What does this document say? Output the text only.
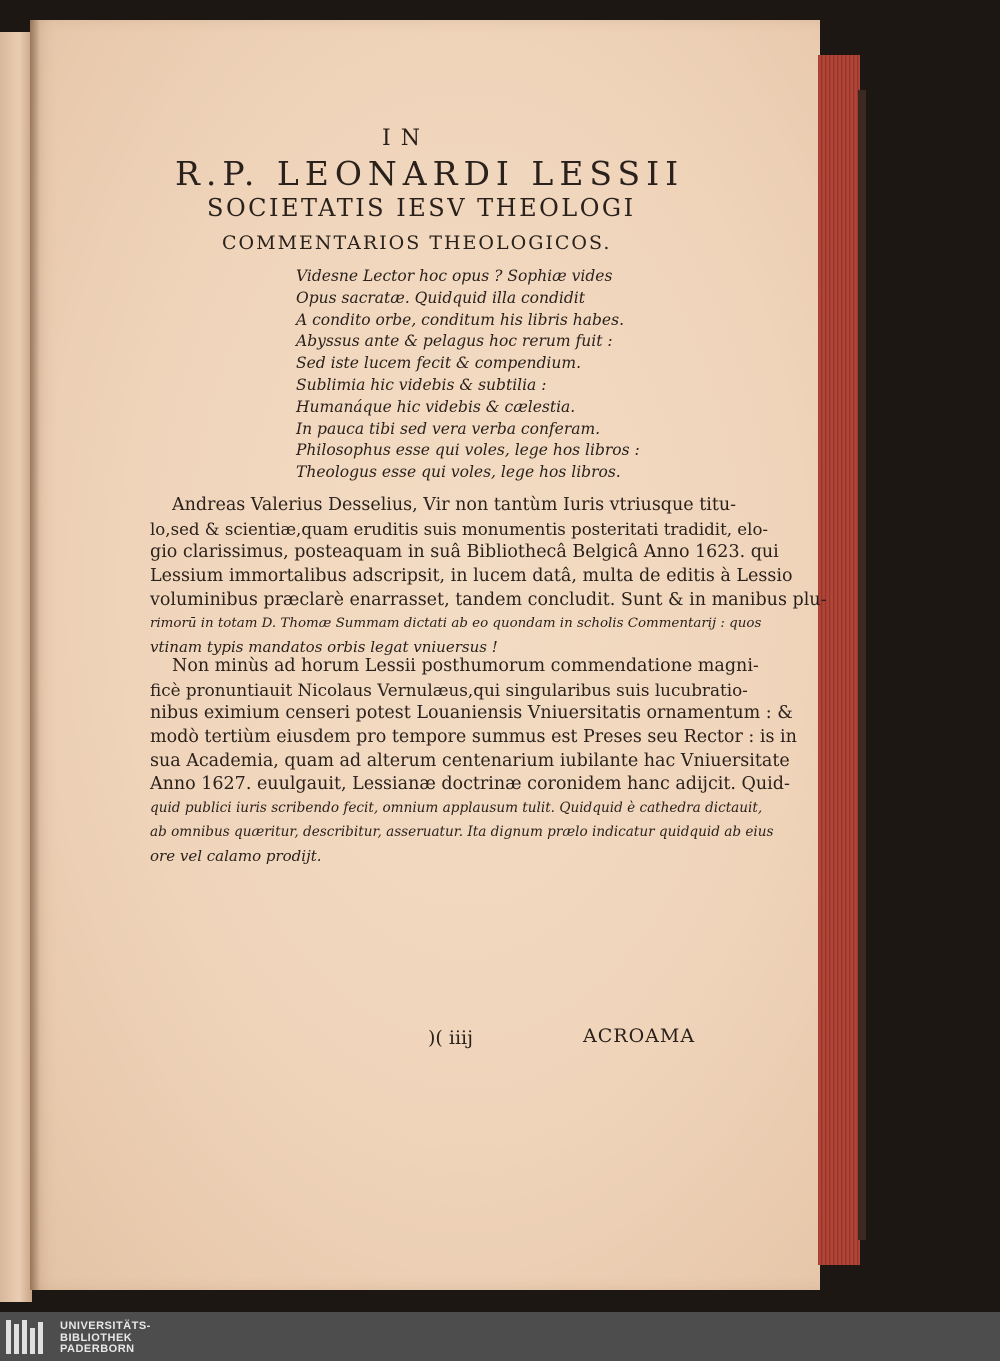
IN
R.P. LEONARDI LESSII
SOCIETATIS IESV THEOLOGI
COMMENTARIOS THEOLOGICOS.
Videsne Lector hoc opus ? Sophiæ vides
Opus sacratæ. Quidquid illa condidit
A condito orbe, conditum his libris habes.
Abyssus ante & pelagus hoc rerum fuit :
Sed iste lucem fecit & compendium.
Sublimia hic videbis & subtilia :
Humanáque hic videbis & cælestia.
In pauca tibi sed vera verba conferam.
Philosophus esse qui voles, lege hos libros :
Theologus esse qui voles, lege hos libros.
Andreas Valerius Desselius, Vir non tantùm Iuris vtriusque titu-
lo,sed & scientiæ,quam eruditis suis monumentis posteritati tradidit, elo-
gio clarissimus, posteaquam in suâ Bibliothecâ Belgicâ Anno 1623. qui
Lessium immortalibus adscripsit, in lucem datâ, multa de editis à Lessio
voluminibus præclarè enarrasset, tandem concludit. Sunt & in manibus plu-
rimorū in totam D. Thomæ Summam dictati ab eo quondam in scholis Commentarij : quos
vtinam typis mandatos orbis legat vniuersus !
Non minùs ad horum Lessii posthumorum commendatione magni-
ficè pronuntiauit Nicolaus Vernulæus,qui singularibus suis lucubratio-
nibus eximium censeri potest Louaniensis Vniuersitatis ornamentum : &
modò tertiùm eiusdem pro tempore summus est Preses seu Rector : is in
sua Academia, quam ad alterum centenarium iubilante hac Vniuersitate
Anno 1627. euulgauit, Lessianæ doctrinæ coronidem hanc adijcit. Quid-
quid publici iuris scribendo fecit, omnium applausum tulit. Quidquid è cathedra dictauit,
ab omnibus quæritur, describitur, asseruatur. Ita dignum prælo indicatur quidquid ab eius
ore vel calamo prodijt.
)( iiij	ACROAMA
UNIVERSITÄTS-
BIBLIOTHEK
PADERBORN
